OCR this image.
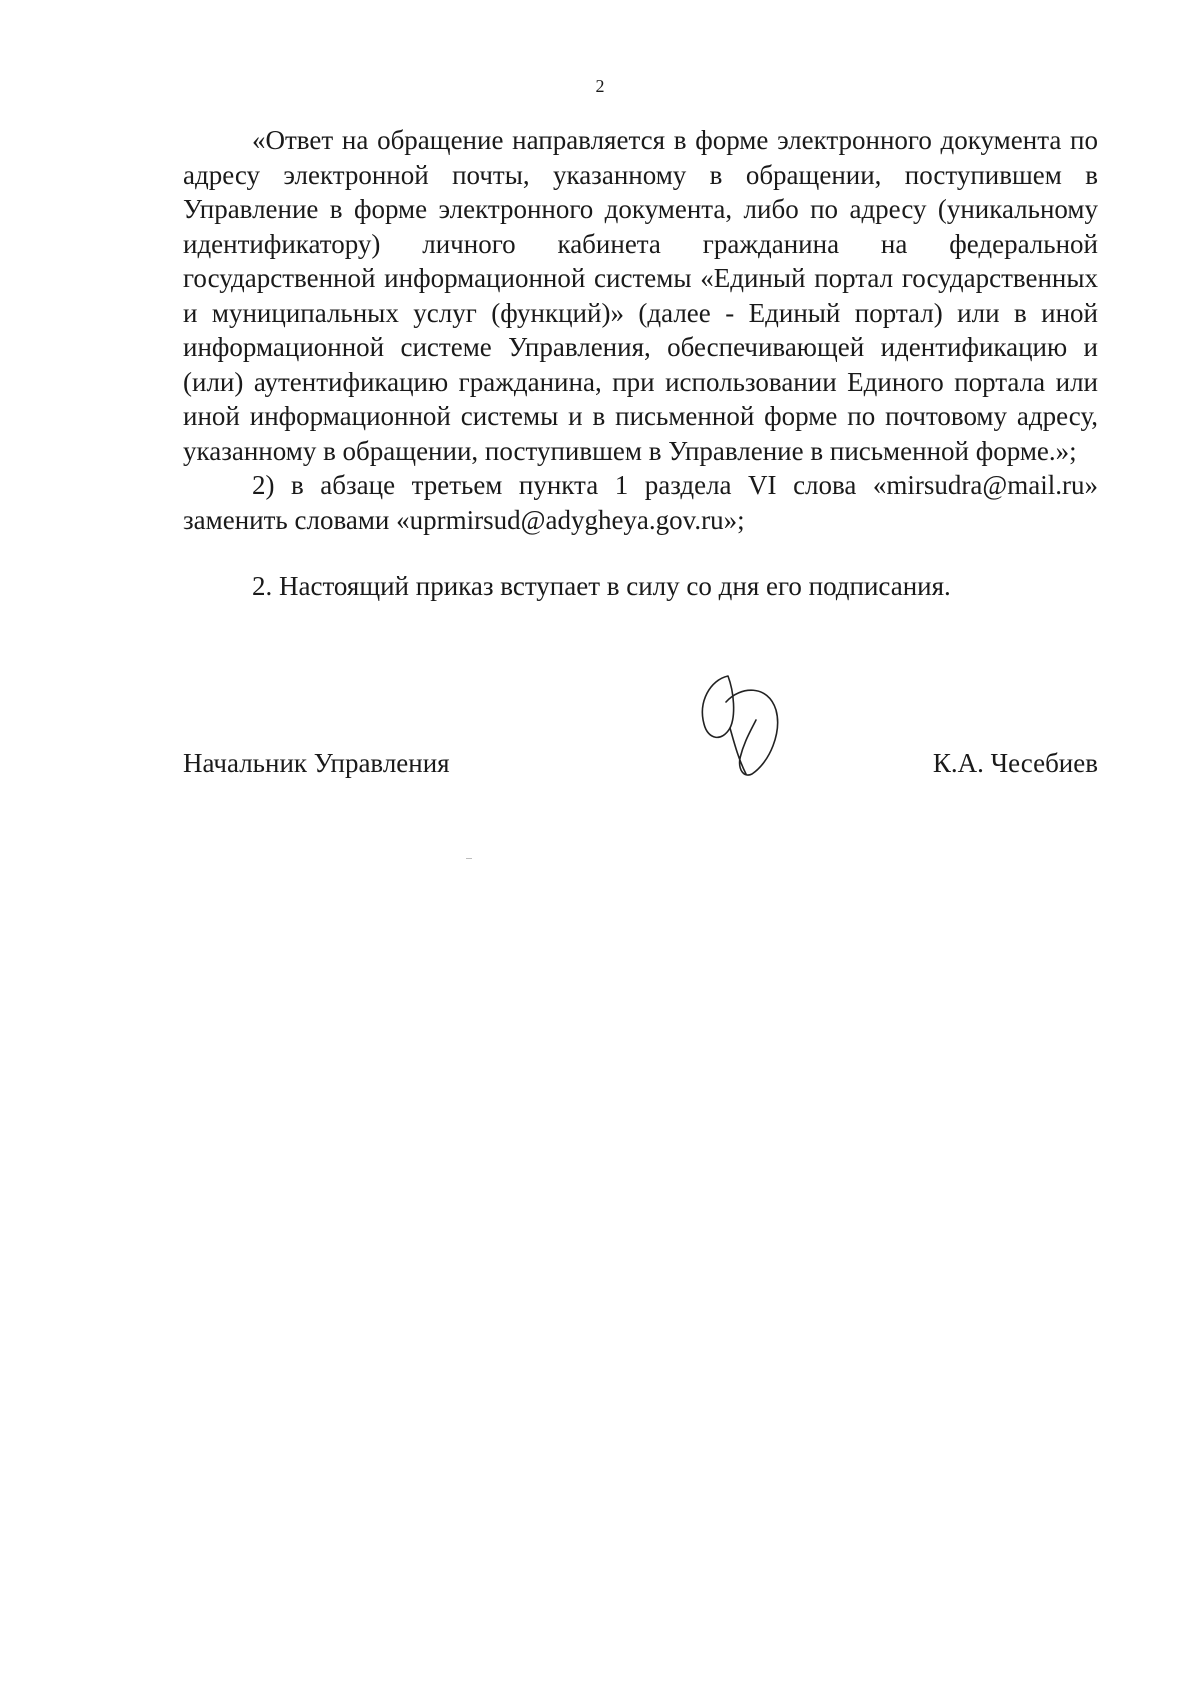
2

«Ответ на обращение направляется в форме электронного документа по адресу электронной почты, указанному в обращении, поступившем в Управление в форме электронного документа, либо по адресу (уникальному идентификатору) личного кабинета гражданина на федеральной государственной информационной системы «Единый портал государственных и муниципальных услуг (функций)» (далее - Единый портал) или в иной информационной системе Управления, обеспечивающей идентификацию и (или) аутентификацию гражданина, при использовании Единого портала или иной информационной системы и в письменной форме по почтовому адресу, указанному в обращении, поступившем в Управление в письменной форме.»;

2) в абзаце третьем пункта 1 раздела VI слова «mirsudra@mail.ru» заменить словами «uprmirsud@adygheya.gov.ru»;

2. Настоящий приказ вступает в силу со дня его подписания.

Начальник Управления	К.А. Чесебиев
